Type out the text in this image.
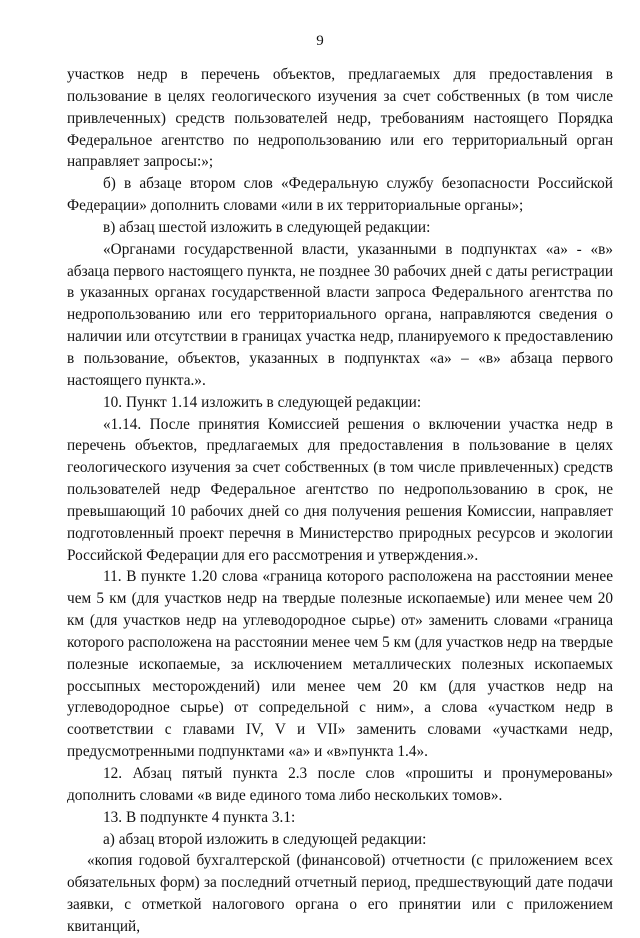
9

участков недр в перечень объектов, предлагаемых для предоставления в пользование в целях геологического изучения за счет собственных (в том числе привлеченных) средств пользователей недр, требованиям настоящего Порядка Федеральное агентство по недропользованию или его территориальный орган направляет запросы:»;

б) в абзаце втором слов «Федеральную службу безопасности Российской Федерации» дополнить словами «или в их территориальные органы»;

в) абзац шестой изложить в следующей редакции:

«Органами государственной власти, указанными в подпунктах «а» - «в» абзаца первого настоящего пункта, не позднее 30 рабочих дней с даты регистрации в указанных органах государственной власти запроса Федерального агентства по недропользованию или его территориального органа, направляются сведения о наличии или отсутствии в границах участка недр, планируемого к предоставлению в пользование, объектов, указанных в подпунктах «а» – «в» абзаца первого настоящего пункта.».

10. Пункт 1.14 изложить в следующей редакции:

«1.14. После принятия Комиссией решения о включении участка недр в перечень объектов, предлагаемых для предоставления в пользование в целях геологического изучения за счет собственных (в том числе привлеченных) средств пользователей недр Федеральное агентство по недропользованию в срок, не превышающий 10 рабочих дней со дня получения решения Комиссии, направляет подготовленный проект перечня в Министерство природных ресурсов и экологии Российской Федерации для его рассмотрения и утверждения.».

11. В пункте 1.20 слова «граница которого расположена на расстоянии менее чем 5 км (для участков недр на твердые полезные ископаемые) или менее чем 20 км (для участков недр на углеводородное сырье) от» заменить словами «граница которого расположена на расстоянии менее чем 5 км (для участков недр на твердые полезные ископаемые, за исключением металлических полезных ископаемых россыпных месторождений) или менее чем 20 км (для участков недр на углеводородное сырье) от сопредельной с ним», а слова «участком недр в соответствии с главами IV, V и VII» заменить словами «участками недр, предусмотренными подпунктами «а» и «в»пункта 1.4».

12. Абзац пятый пункта 2.3 после слов «прошиты и пронумерованы» дополнить словами «в виде единого тома либо нескольких томов».

13. В подпункте 4 пункта 3.1:

а) абзац второй изложить в следующей редакции:

«копия годовой бухгалтерской (финансовой) отчетности (с приложением всех обязательных форм) за последний отчетный период, предшествующий дате подачи заявки, с отметкой налогового органа о его принятии или с приложением квитанций,
